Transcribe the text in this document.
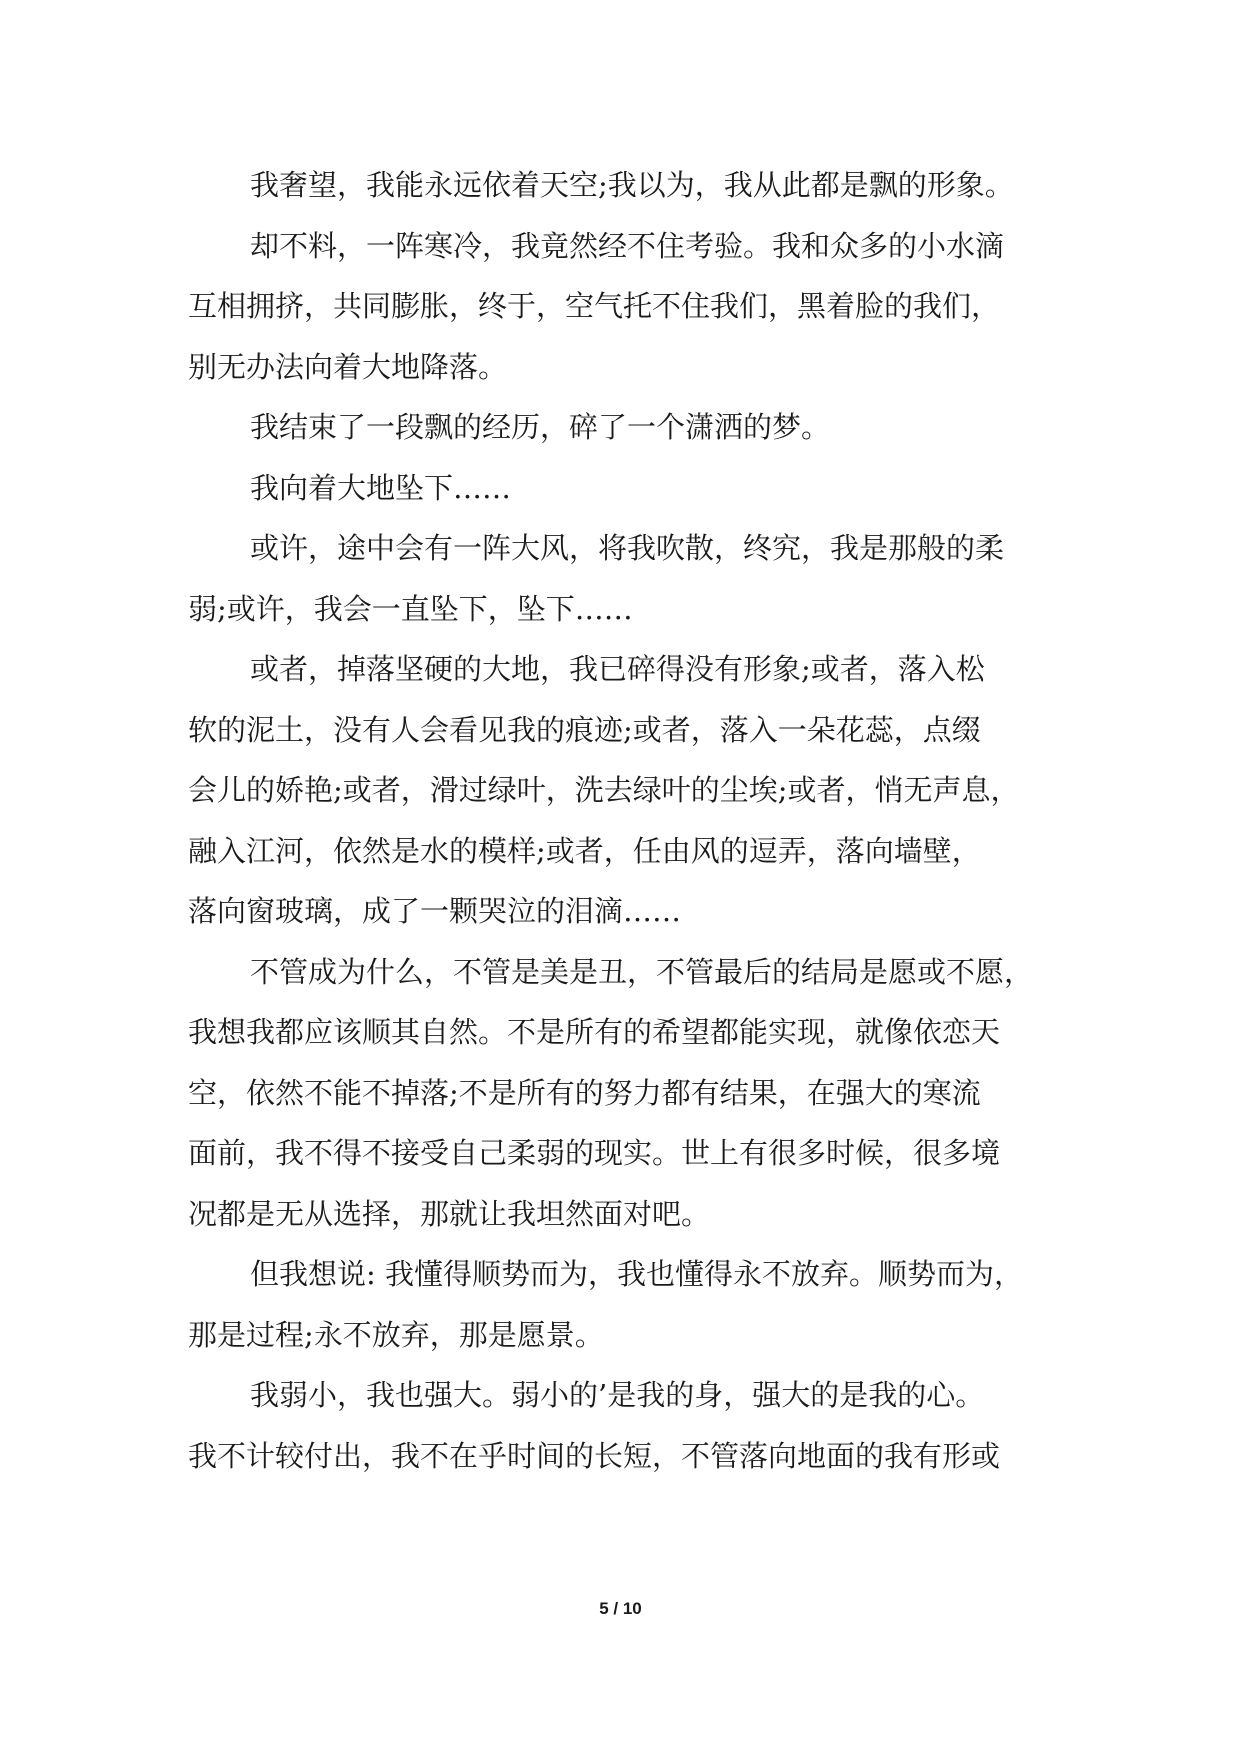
我奢望，我能永远依着天空;我以为，我从此都是飘的形象。
却不料，一阵寒冷，我竟然经不住考验。我和众多的小水滴
互相拥挤，共同膨胀，终于，空气托不住我们，黑着脸的我们，
别无办法向着大地降落。
我结束了一段飘的经历，碎了一个潇洒的梦。
我向着大地坠下……
或许，途中会有一阵大风，将我吹散，终究，我是那般的柔
弱;或许，我会一直坠下，坠下……
或者，掉落坚硬的大地，我已碎得没有形象;或者，落入松
软的泥土，没有人会看见我的痕迹;或者，落入一朵花蕊，点缀
会儿的娇艳;或者，滑过绿叶，洗去绿叶的尘埃;或者，悄无声息，
融入江河，依然是水的模样;或者，任由风的逗弄，落向墙壁，
落向窗玻璃，成了一颗哭泣的泪滴……
不管成为什么，不管是美是丑，不管最后的结局是愿或不愿，
我想我都应该顺其自然。不是所有的希望都能实现，就像依恋天
空，依然不能不掉落;不是所有的努力都有结果，在强大的寒流
面前，我不得不接受自己柔弱的现实。世上有很多时候，很多境
况都是无从选择，那就让我坦然面对吧。
但我想说: 我懂得顺势而为，我也懂得永不放弃。顺势而为，
那是过程;永不放弃，那是愿景。
我弱小，我也强大。弱小的’是我的身，强大的是我的心。
我不计较付出，我不在乎时间的长短，不管落向地面的我有形或
5 / 10
